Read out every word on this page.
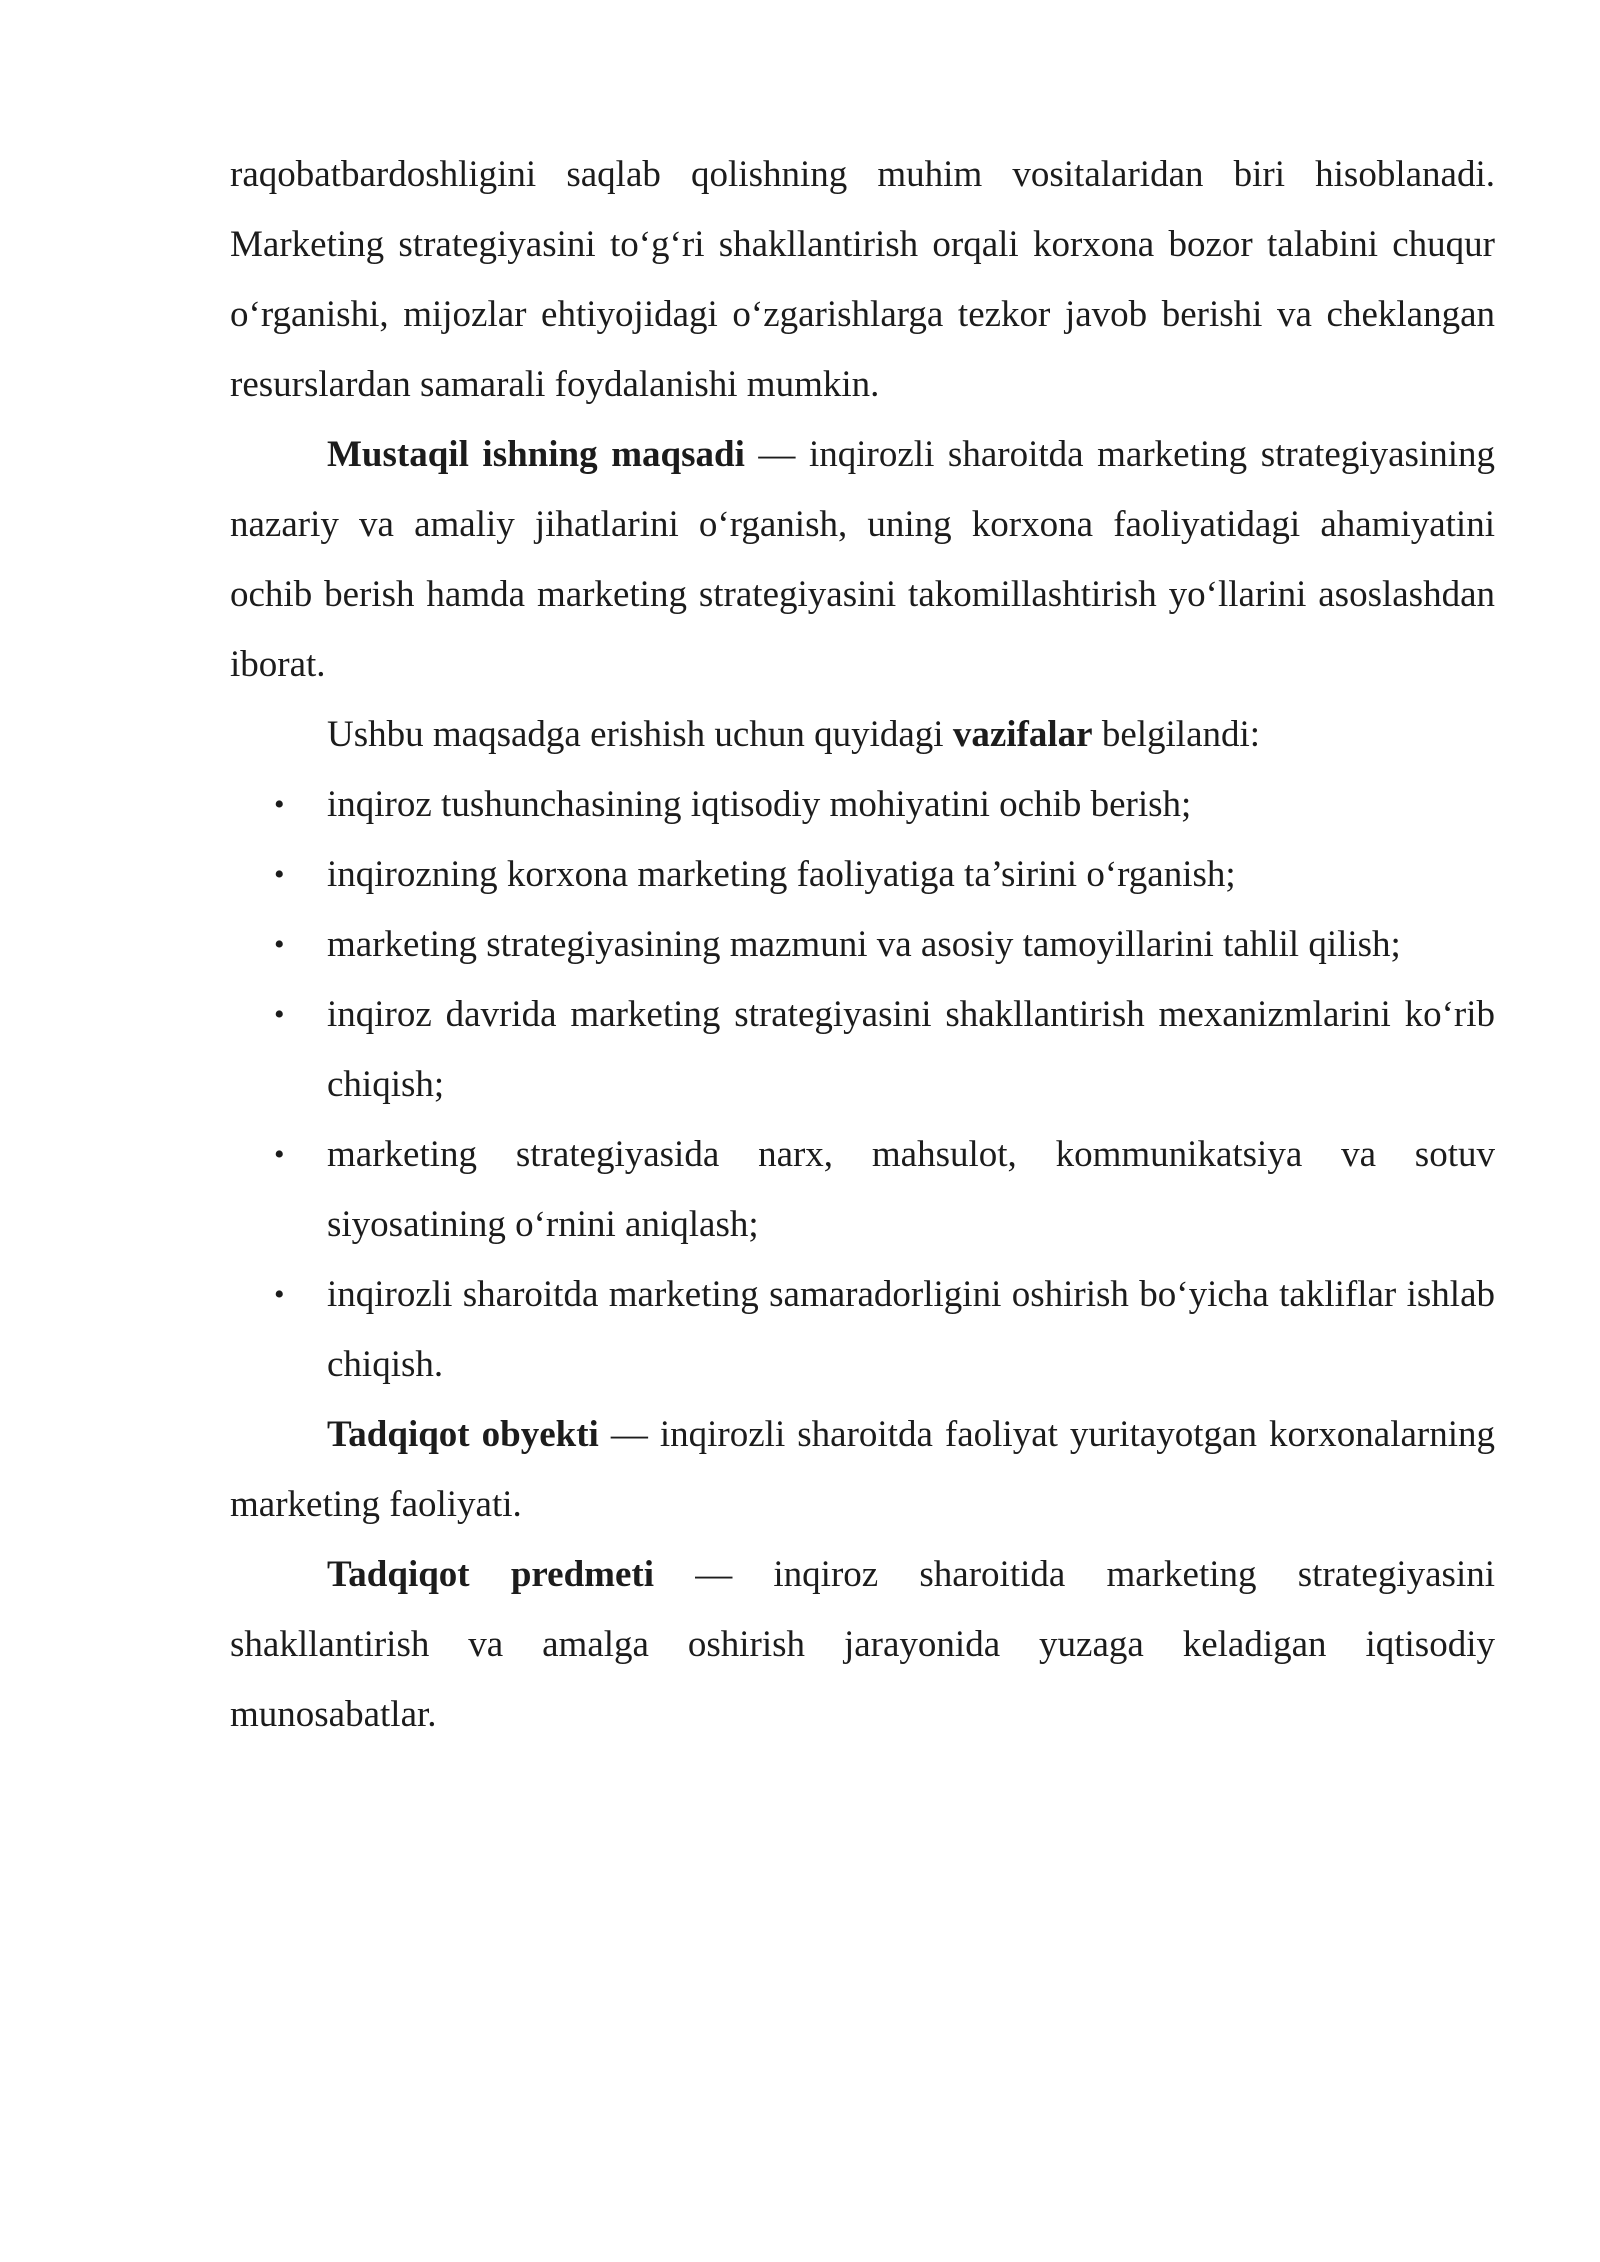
raqobatbardoshligini saqlab qolishning muhim vositalaridan biri hisoblanadi. Marketing strategiyasini to‘g‘ri shakllantirish orqali korxona bozor talabini chuqur o‘rganishi, mijozlar ehtiyojidagi o‘zgarishlarga tezkor javob berishi va cheklangan resurslardan samarali foydalanishi mumkin.

Mustaqil ishning maqsadi — inqirozli sharoitda marketing strategiyasining nazariy va amaliy jihatlarini o‘rganish, uning korxona faoliyatidagi ahamiyatini ochib berish hamda marketing strategiyasini takomillashtirish yo‘llarini asoslashdan iborat.

Ushbu maqsadga erishish uchun quyidagi vazifalar belgilandi:

• inqiroz tushunchasining iqtisodiy mohiyatini ochib berish;
• inqirozning korxona marketing faoliyatiga ta’sirini o‘rganish;
• marketing strategiyasining mazmuni va asosiy tamoyillarini tahlil qilish;
• inqiroz davrida marketing strategiyasini shakllantirish mexanizmlarini ko‘rib chiqish;
• marketing strategiyasida narx, mahsulot, kommunikatsiya va sotuv siyosatining o‘rnini aniqlash;
• inqirozli sharoitda marketing samaradorligini oshirish bo‘yicha takliflar ishlab chiqish.

Tadqiqot obyekti — inqirozli sharoitda faoliyat yuritayotgan korxonalarning marketing faoliyati.

Tadqiqot predmeti — inqiroz sharoitida marketing strategiyasini shakllantirish va amalga oshirish jarayonida yuzaga keladigan iqtisodiy munosabatlar.
